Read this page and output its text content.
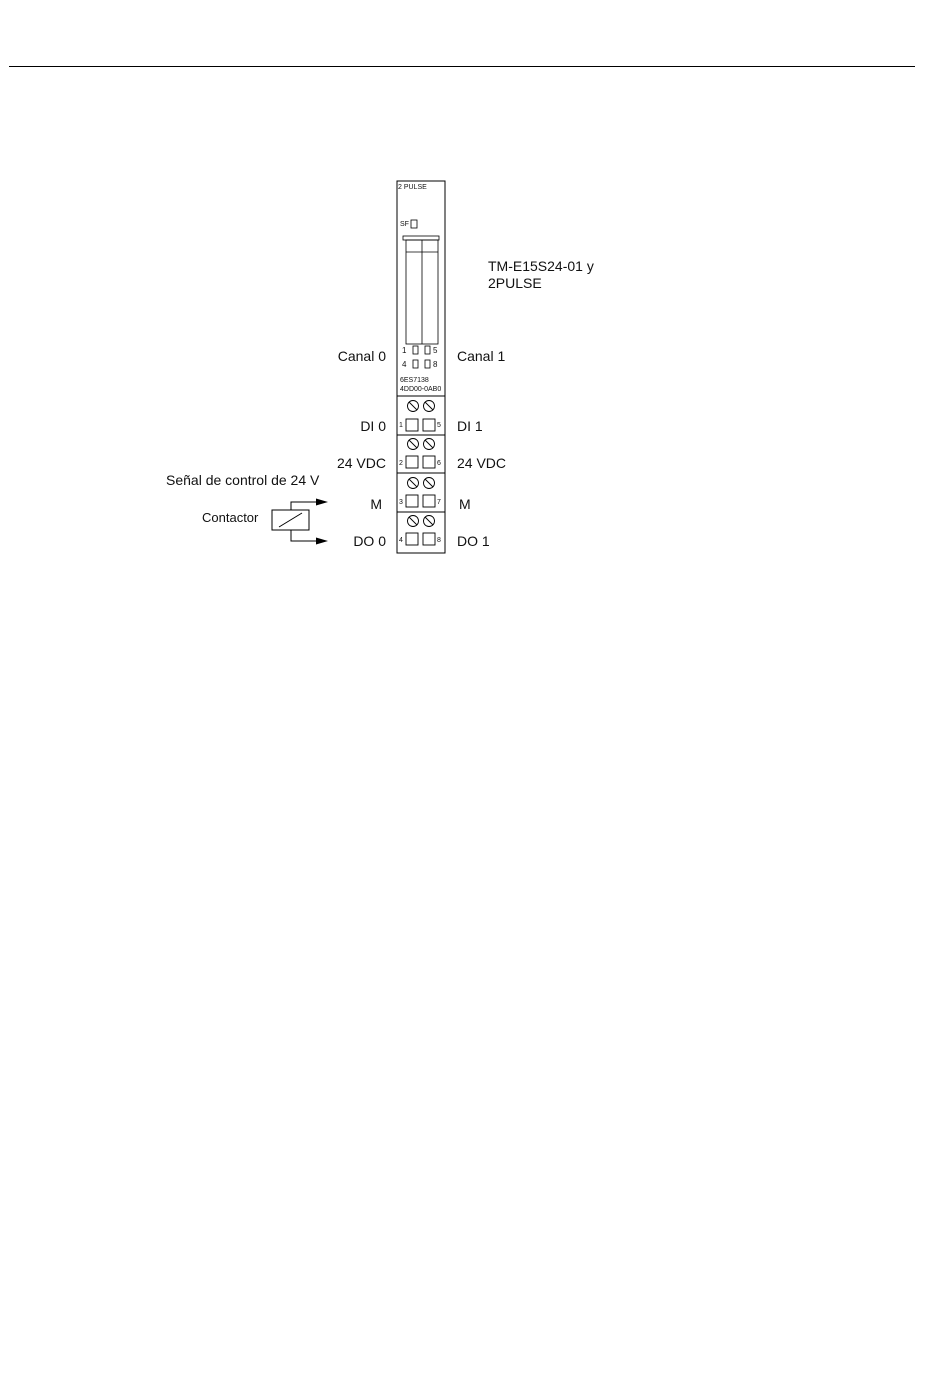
2 PULSE
SF
1	5
4	8
6ES7138
4DD00-0AB0
1	5
2	6
3	7
4	8
TM-E15S24-01 y
2PULSE
Canal 0	Canal 1
DI 0	DI 1
24 VDC	24 VDC
M	M
DO 0	DO 1
Señal de control de 24 V
Contactor
